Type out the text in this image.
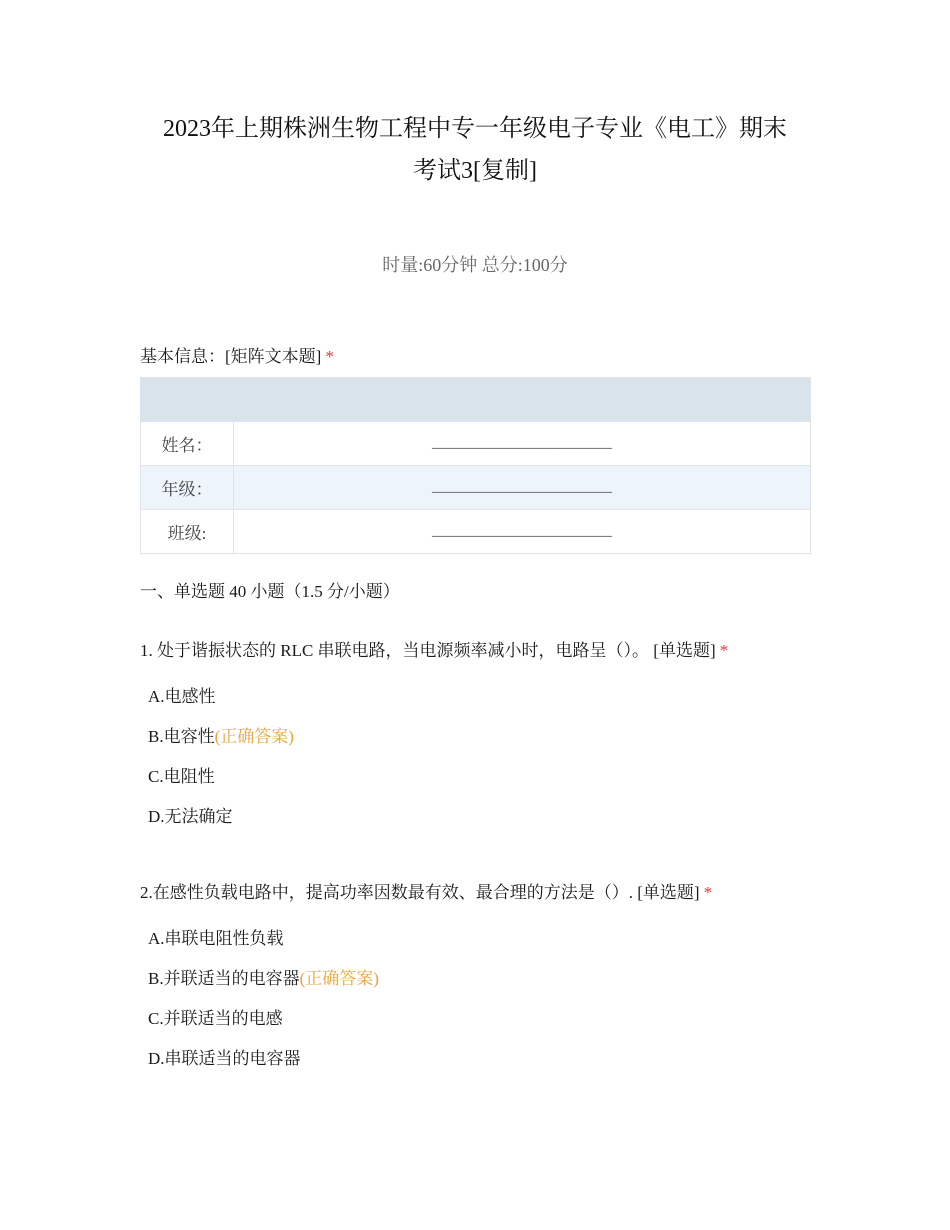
2023年上期株洲生物工程中专一年级电子专业《电工》期末
考试3[复制]
时量:60分钟 总分:100分
基本信息：[矩阵文本题] *

姓名：	________________________
年级：	________________________
班级:	________________________
一、单选题 40 小题（1.5 分/小题）
1. 处于谐振状态的 RLC 串联电路，当电源频率减小时，电路呈（）。 [单选题] *
A.电感性
B.电容性(正确答案)
C.电阻性
D.无法确定
2.在感性负载电路中，提高功率因数最有效、最合理的方法是（）. [单选题] *
A.串联电阻性负载
B.并联适当的电容器(正确答案)
C.并联适当的电感
D.串联适当的电容器
